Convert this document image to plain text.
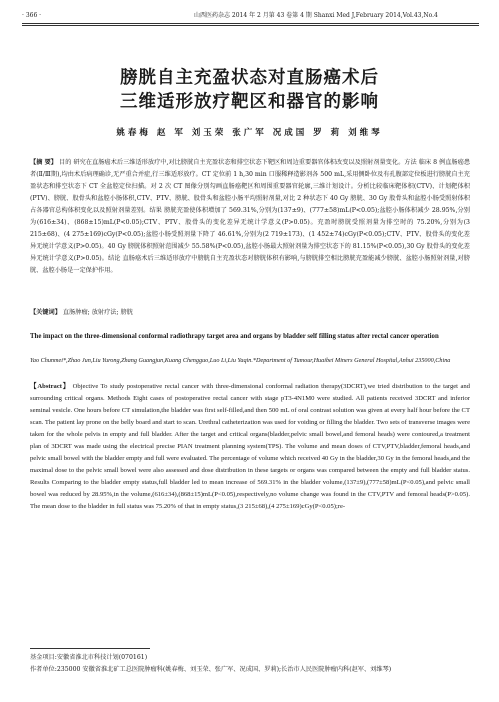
· 366 ·	山西医药杂志 2014 年 2 月第 43 卷第 4 期 Shanxi Med J,February 2014,Vol.43,No.4
膀胱自主充盈状态对直肠癌术后
三维适形放疗靶区和器官的影响
姚春梅 赵 军 刘玉荣 张广军 况成国 罗 莉 刘维琴
【摘 要】 目的 研究在直肠癌术后三维适形放疗中,对比膀胱自主充盈状态和排空状态下靶区和周边重要器官体积改变以及照射剂量变化。方法 临床 8 例直肠癌患者(Ⅱ/Ⅲ期),均由术后病理确诊,无严重合并症,行三维适形放疗。CT 定位前 1 h,30 min 口服稀释造影剂各 500 mL,采用侧卧位及有孔腹部定位板进行膀胱自主充盈状态和排空状态下 CT 全盆腔定位扫描。对 2 次 CT 图像分别勾画直肠癌靶区和周围重要器官轮廓,三维计划设计。分析比较临床靶体积(CTV)、计划靶体积(PTV)、膀胱、股骨头和盆腔小肠体积,CTV、PTV、膀胱、股骨头和盆腔小肠平均照射剂量,对比 2 种状态下 40 Gy 膀胱、30 Gy 股骨头和盆腔小肠受照射体积占各器官总构体积变化以及照射剂量差别。结果 膀胱充盈使体积增加了 569.31%,分别为(137±9)、(777±58)mL(P<0.05);盆腔小肠体积减少 28.95%,分别为(616±34)、(868±15)mL(P<0.05);CTV、PTV、股骨头的变化差异无统计学意义(P>0.05)。充盈时膀胱受照剂量为排空时的 75.20%,分别为(3 215±68)、(4 275±169)cGy(P<0.05);盆腔小肠受照剂量下降了 46.61%,分别为(2 719±173)、(1 452±74)cGy(P<0.05);CTV、PTV、股骨头的变化差异无统计学意义(P>0.05)。40 Gy 膀胱体积照射范围减少 55.58%(P<0.05),盆腔小肠最大照射剂量为排空状态下的 81.15%(P<0.05),30 Gy 股骨头的变化差异无统计学意义(P>0.05)。结论 直肠癌术后三维适形放疗中膀胱自主充盈状态对膀胱体积有影响,与膀胱排空相比膀胱充盈能减少膀胱、盆腔小肠照射剂量,对膀胱、盆腔小肠是一定保护作用。
【关键词】 直肠肿瘤; 放射疗法; 膀胱
The impact on the three-dimensional conformal radiothrapy target area and organs by bladder self filling status after rectal cancer operation
Yao Chunmei*,Zhao Jun,Liu Yurong,Zhang Guangjun,Kuang Chengguo,Luo Li,Liu Yaqin.*Department of Tumour,Huaibei Miners General Hospital,Anhui 235000,China
【Abstract】 Objective To study postoperative rectal cancer with three-dimensional conformal radiation therapy(3DCRT),we tried distribution to the target and surrounding critical organs. Methods Eight cases of postoperative rectal cancer with stage pT3-4N1M0 were studied. All patients received 3DCRT and inferior seminal vesicle. One hours before CT simulation,the bladder was first self-filled,and then 500 mL of oral contrast solution was given at every half hour before the CT scan. The patient lay prone on the belly board and start to scan. Urethral catheterization was used for voiding or filling the bladder. Two sets of transverse images were taken for the whole pelvis in empty and full bladder. After the target and critical organs(bladder,pelvic small bowel,and femoral heads) were contoured,a treatment plan of 3DCRT was made using the electrical precise PIAN treatment planning system(TPS). The volume and mean doses of CTV,PTV,bladder,femoral heads,and pelvic small bowel with the bladder empty and full were evaluated. The percentage of volume which received 40 Gy in the bladder,30 Gy in the femoral heads,and the maximal dose to the pelvic small bowel were also assessed and dose distribution in these targets or organs was compared between the empty and full bladder status. Results Comparing to the bladder empty status,full bladder led to mean increase of 569.31% in the bladder volume,(137±9),(777±58)mL(P<0.05),and pelvic small bowel was reduced by 28.95%,in the volume,(616±34),(868±15)mL(P<0.05),respectively,no volume change was found in the CTV,PTV and femoral heads(P>0.05). The mean dose to the bladder in full status was 75.20% of that in empty status,(3 215±68),(4 275±169)cGy(P<0.05);re-
基金项目:安徽省淮北市科技计划(070161)
作者单位:235000 安徽省淮北矿工总医院肿瘤科(姚春梅、刘玉荣、张广军、况成国、罗莉);长治市人民医院肿瘤内科(赵军、刘维琴)
